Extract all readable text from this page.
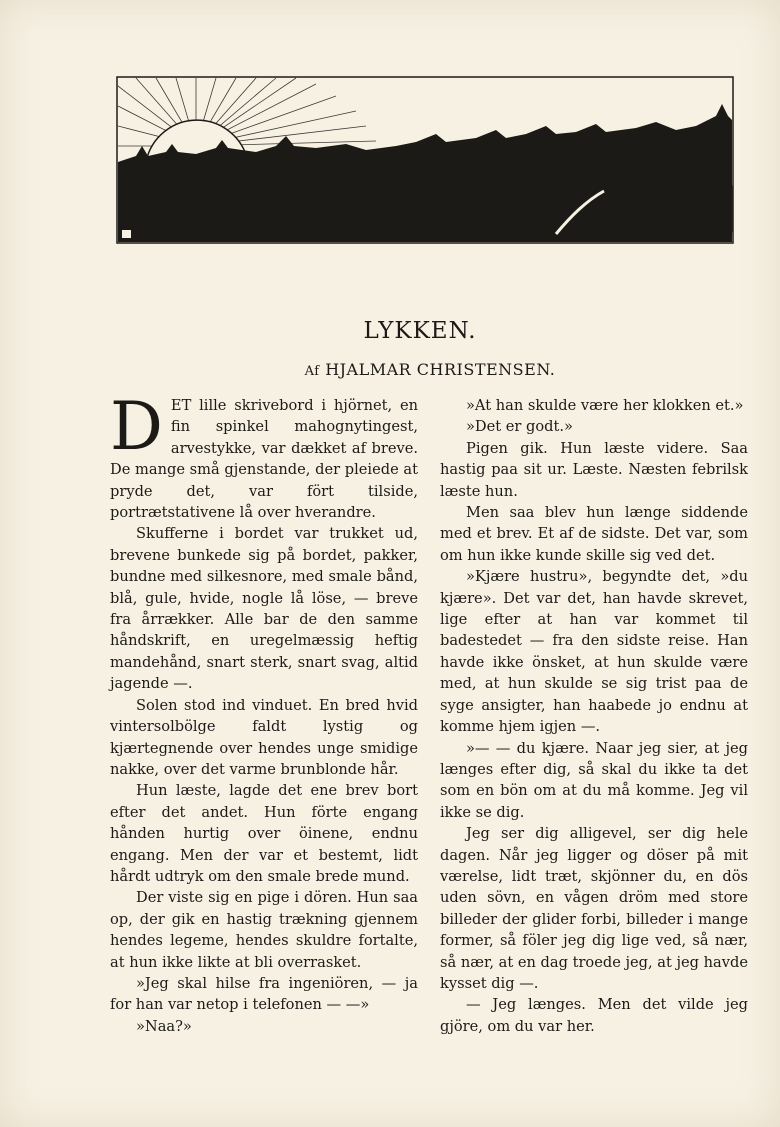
LYKKEN.
Af HJALMAR CHRISTENSEN.

DET lille skrivebord i hjörnet, en fin spinkel mahognytingest, arvestykke, var dækket af breve. De mange små gjenstande, der pleiede at pryde det, var fört tilside, portrætstativene lå over hverandre.

Skufferne i bordet var trukket ud, brevene bunkede sig på bordet, pakker, bundne med silkesnore, med smale bånd, blå, gule, hvide, nogle lå löse, — breve fra årrækker. Alle bar de den samme håndskrift, en uregelmæssig heftig mandehånd, snart sterk, snart svag, altid jagende —.

Solen stod ind vinduet. En bred hvid vintersolbölge faldt lystig og kjærtegnende over hendes unge smidige nakke, over det varme brunblonde hår.

Hun læste, lagde det ene brev bort efter det andet. Hun förte engang hånden hurtig over öinene, endnu engang. Men der var et bestemt, lidt hårdt udtryk om den smale brede mund.

Der viste sig en pige i dören. Hun saa op, der gik en hastig trækning gjennem hendes legeme, hendes skuldre fortalte, at hun ikke likte at bli overrasket.

»Jeg skal hilse fra ingeniören, — ja for han var netop i telefonen — —»

»Naa?»

»At han skulde være her klokken et.»

»Det er godt.»

Pigen gik. Hun læste videre. Saa hastig paa sit ur. Læste. Næsten febrilsk læste hun.

Men saa blev hun længe siddende med et brev. Et af de sidste. Det var, som om hun ikke kunde skille sig ved det.

»Kjære hustru», begyndte det, »du kjære». Det var det, han havde skrevet, lige efter at han var kommet til badestedet — fra den sidste reise. Han havde ikke önsket, at hun skulde være med, at hun skulde se sig trist paa de syge ansigter, han haabede jo endnu at komme hjem igjen —.

»— — du kjære. Naar jeg sier, at jeg længes efter dig, så skal du ikke ta det som en bön om at du må komme. Jeg vil ikke se dig.

Jeg ser dig alligevel, ser dig hele dagen. Når jeg ligger og döser på mit værelse, lidt træt, skjönner du, en dös uden sövn, en vågen dröm med store billeder der glider forbi, billeder i mange former, så föler jeg dig lige ved, så nær, så nær, at en dag troede jeg, at jeg havde kysset dig —.

— Jeg længes. Men det vilde jeg gjöre, om du var her.
